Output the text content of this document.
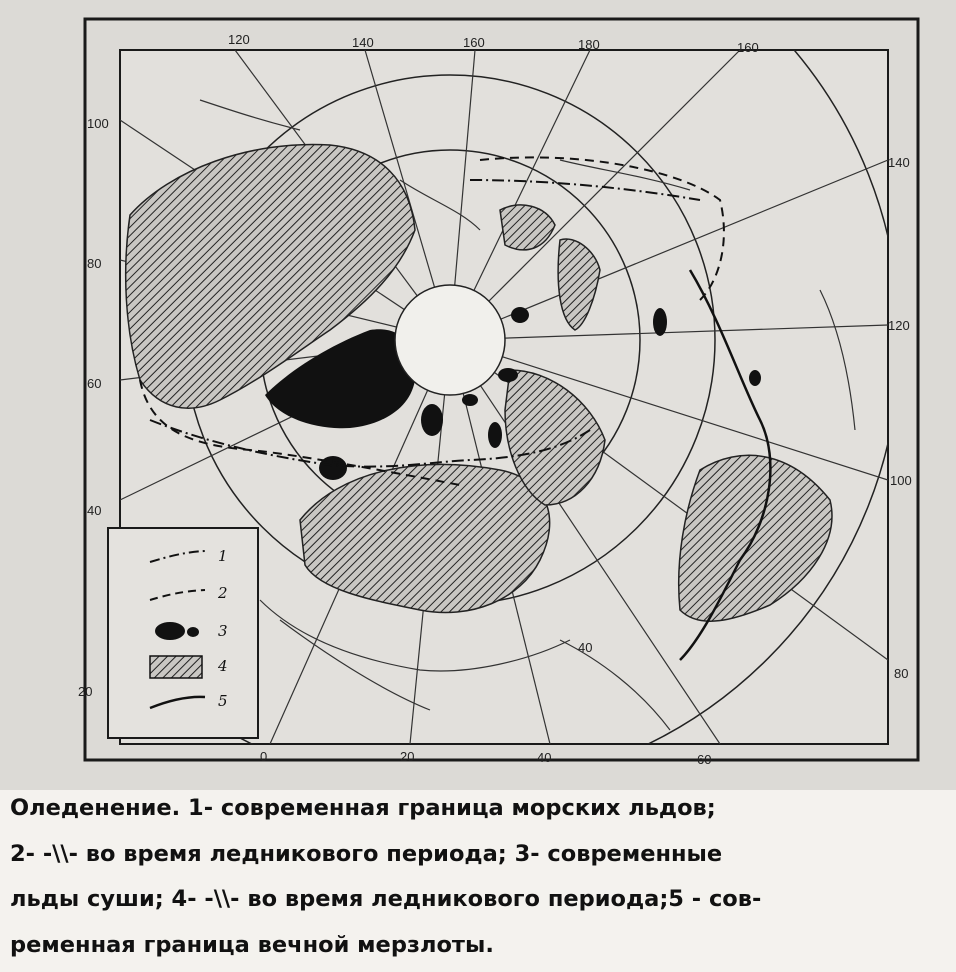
120	140	160	180	160
140
120
100
80
0	20	40	60
100
80
60
40
20
40
1
2
3
4
5
Оледенение. 1- современная граница морских льдов;
2- -\\- во время ледникового периода; 3- современные
льды суши; 4- -\\- во время ледникового периода;5 - сов-
ременная граница вечной мерзлоты.
